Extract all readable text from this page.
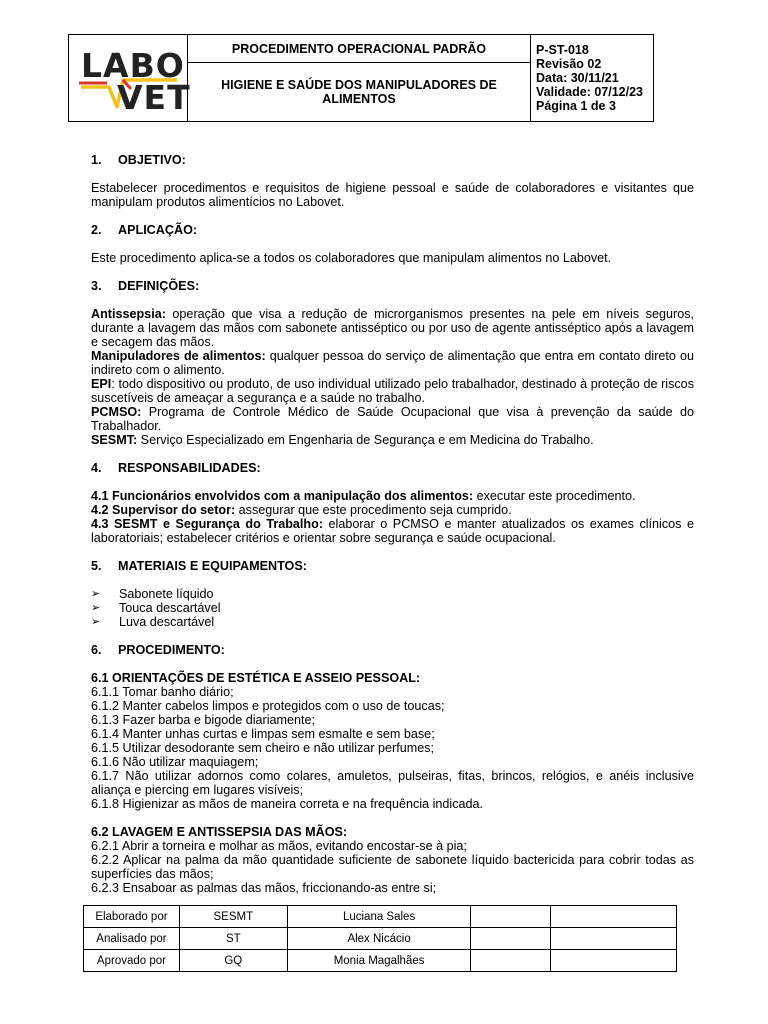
LABO
VET
PROCEDIMENTO OPERACIONAL PADRÃO
HIGIENE E SAÚDE DOS MANIPULADORES DE ALIMENTOS
P-ST-018
Revisão 02
Data: 30/11/21
Validade: 07/12/23
Página 1 de 3
1.	OBJETIVO:

Estabelecer procedimentos e requisitos de higiene pessoal e saúde de colaboradores e visitantes que manipulam produtos alimentícios no Labovet.

2.	APLICAÇÃO:

Este procedimento aplica-se a todos os colaboradores que manipulam alimentos no Labovet.

3.	DEFINIÇÕES:

Antissepsia: operação que visa a redução de microrganismos presentes na pele em níveis seguros, durante a lavagem das mãos com sabonete antisséptico ou por uso de agente antisséptico após a lavagem e secagem das mãos.

Manipuladores de alimentos: qualquer pessoa do serviço de alimentação que entra em contato direto ou indireto com o alimento.

EPI: todo dispositivo ou produto, de uso individual utilizado pelo trabalhador, destinado à proteção de riscos suscetíveis de ameaçar a segurança e a saúde no trabalho.

PCMSO: Programa de Controle Médico de Saúde Ocupacional que visa à prevenção da saúde do Trabalhador.

SESMT: Serviço Especializado em Engenharia de Segurança e em Medicina do Trabalho.

4.	RESPONSABILIDADES:

4.1 Funcionários envolvidos com a manipulação dos alimentos: executar este procedimento.

4.2 Supervisor do setor: assegurar que este procedimento seja cumprido.

4.3 SESMT e Segurança do Trabalho: elaborar o PCMSO e manter atualizados os exames clínicos e laboratoriais; estabelecer critérios e orientar sobre segurança e saúde ocupacional.

5.	MATERIAIS E EQUIPAMENTOS:
➢	Sabonete líquido
➢	Touca descartável
➢	Luva descartável
6.	PROCEDIMENTO:

6.1 ORIENTAÇÕES DE ESTÉTICA E ASSEIO PESSOAL:

6.1.1 Tomar banho diário;

6.1.2 Manter cabelos limpos e protegidos com o uso de toucas;

6.1.3 Fazer barba e bigode diariamente;

6.1.4 Manter unhas curtas e limpas sem esmalte e sem base;

6.1.5 Utilizar desodorante sem cheiro e não utilizar perfumes;

6.1.6 Não utilizar maquiagem;

6.1.7 Não utilizar adornos como colares, amuletos, pulseiras, fitas, brincos, relógios, e anéis inclusive aliança e piercing em lugares visíveis;

6.1.8 Higienizar as mãos de maneira correta e na frequência indicada.

6.2 LAVAGEM E ANTISSEPSIA DAS MÃOS:

6.2.1 Abrir a torneira e molhar as mãos, evitando encostar-se à pia;

6.2.2 Aplicar na palma da mão quantidade suficiente de sabonete líquido bactericida para cobrir todas as superfícies das mãos;

6.2.3 Ensaboar as palmas das mãos, friccionando-as entre si;

Elaborado por	SESMT	Luciana Sales		
Analisado por	ST	Alex Nicácio		
Aprovado por	GQ	Monia Magalhães		
